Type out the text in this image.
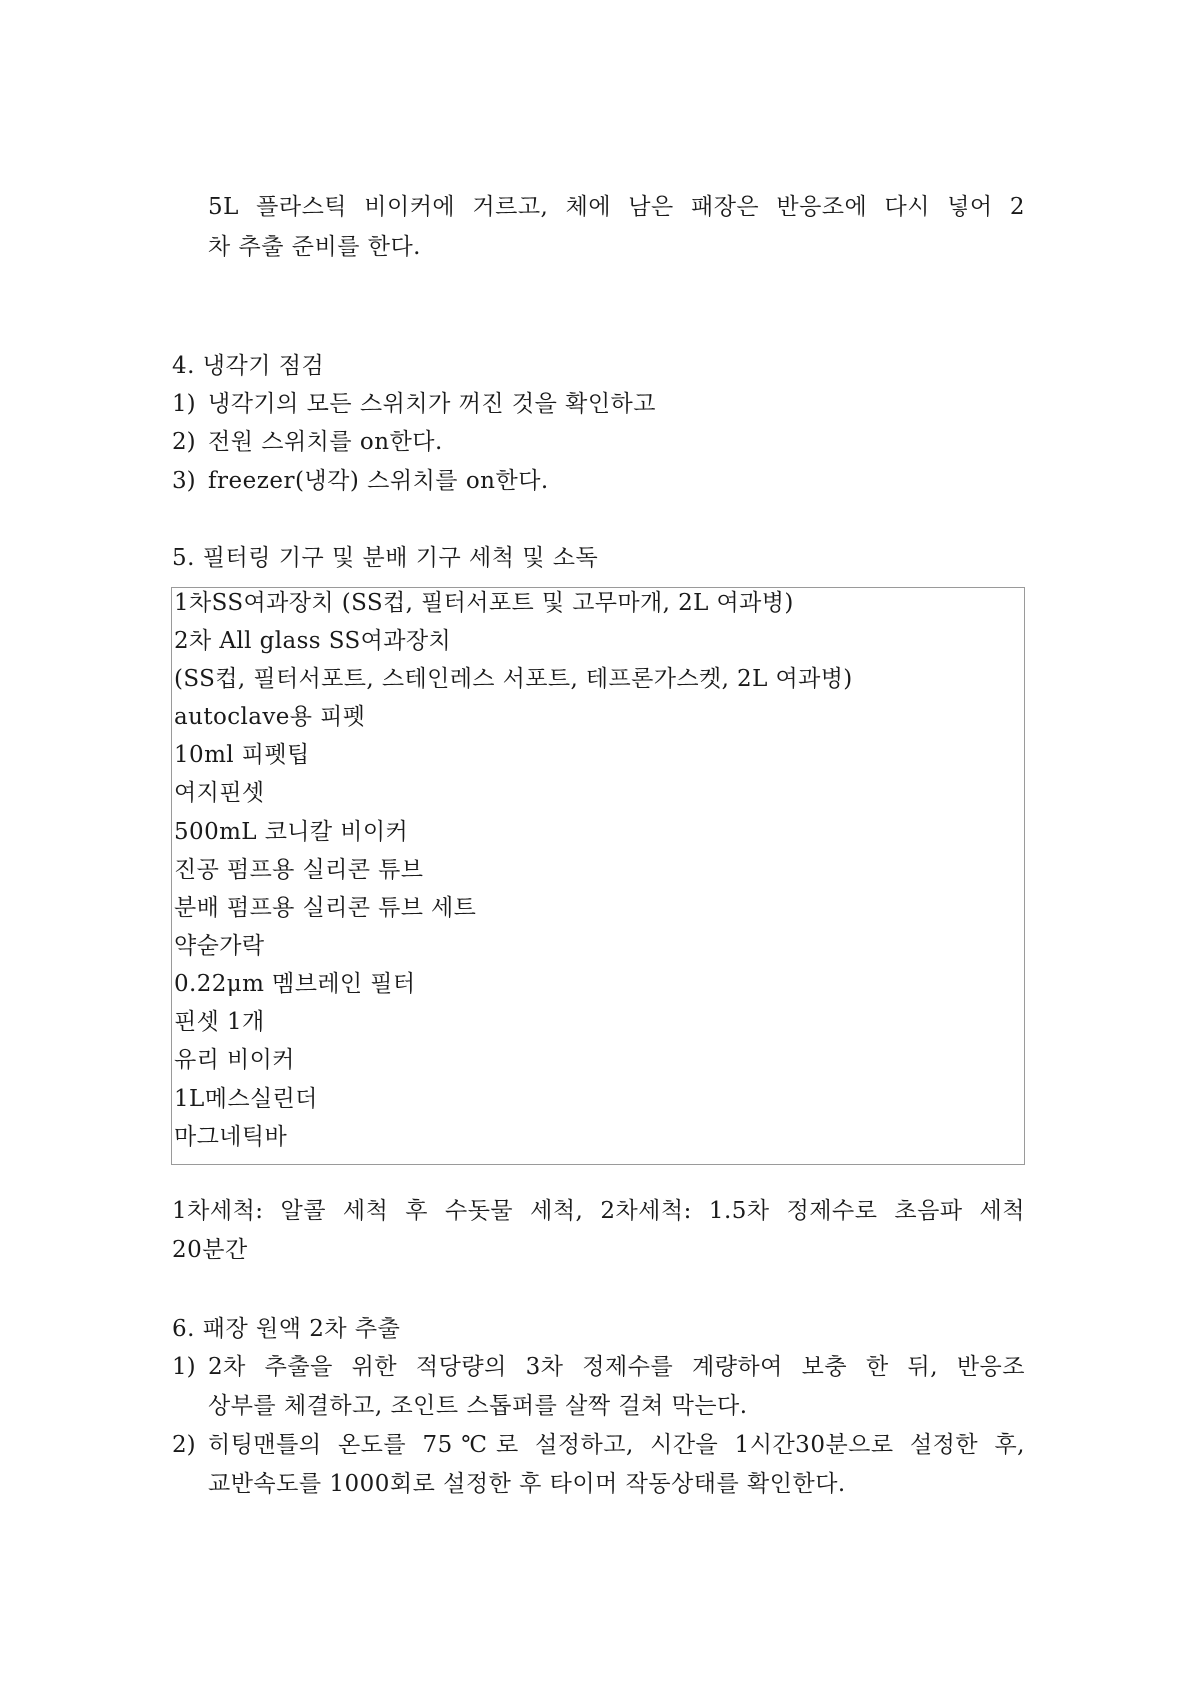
5L 플라스틱 비이커에 거르고, 체에 남은 패장은 반응조에 다시 넣어 2
차 추출 준비를 한다.
4. 냉각기 점검
1) 냉각기의 모든 스위치가 꺼진 것을 확인하고
2) 전원 스위치를 on한다.
3) freezer(냉각) 스위치를 on한다.
5. 필터링 기구 및 분배 기구 세척 및 소독
1차SS여과장치 (SS컵, 필터서포트 및 고무마개, 2L 여과병)
2차 All glass SS여과장치
(SS컵, 필터서포트, 스테인레스 서포트, 테프론가스켓, 2L 여과병)
autoclave용 피펫
10ml 피펫팁
여지핀셋
500mL 코니칼 비이커
진공 펌프용 실리콘 튜브
분배 펌프용 실리콘 튜브 세트
약숟가락
0.22μm 멤브레인 필터
핀셋 1개
유리 비이커
1L메스실린더
마그네틱바
1차세척: 알콜 세척 후 수돗물 세척, 2차세척: 1.5차 정제수로 초음파 세척
20분간
6. 패장 원액 2차 추출
1) 2차 추출을 위한 적당량의 3차 정제수를 계량하여 보충 한 뒤, 반응조
상부를 체결하고, 조인트 스톱퍼를 살짝 걸쳐 막는다.
2) 히팅맨틀의 온도를 75℃로 설정하고, 시간을 1시간30분으로 설정한 후,
교반속도를 1000회로 설정한 후 타이머 작동상태를 확인한다.
